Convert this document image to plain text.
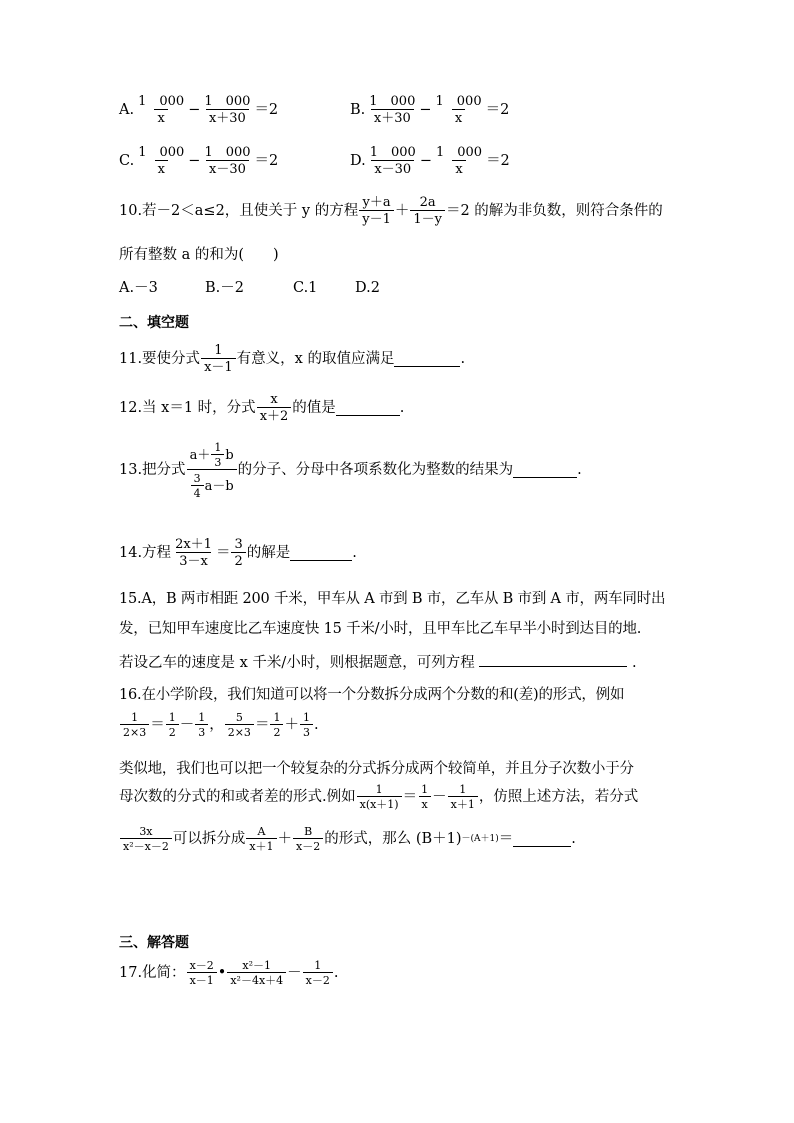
A. $\frac{1 000}{x} - \frac{1 000}{x+30} =2$	B. $\frac{1 000}{x+30} - \frac{1 000}{x} =2$
C. $\frac{1 000}{x} - \frac{1 000}{x-30} =2$	D. $\frac{1 000}{x-30} - \frac{1 000}{x} =2$
10.若－2＜a≤2，且使关于 y 的方程 $\frac{y+a}{y-1} + \frac{2a}{1-y} =2$ 的解为非负数，则符合条件的
所有整数 a 的和为(　　)
A.－3	B.－2	C.1	D.2
二、填空题
11.要使分式 $\frac{1}{x-1}$ 有意义，x 的取值应满足	.
12.当 x＝1 时，分式 $\frac{x}{x+2}$ 的值是	.
13.把分式 $\frac{a+ \frac{1}{3} b}{\frac{3}{4} a-b}$ 的分子、分母中各项系数化为整数的结果为	.
14.方程 $\frac{2x+1}{3-x} = \frac{3}{2}$ 的解是	.
15.A，B 两市相距 200 千米，甲车从 A 市到 B 市，乙车从 B 市到 A 市，两车同时出
发，已知甲车速度比乙车速度快 15 千米/小时，且甲车比乙车早半小时到达目的地.
若设乙车的速度是 x 千米/小时，则根据题意，可列方程	.
16.在小学阶段，我们知道可以将一个分数拆分成两个分数的和(差)的形式，例如
$\frac{1}{2\times 3} = \frac{1}{2} - \frac{1}{3}$ ， $\frac{5}{2\times 3} = \frac{1}{2} + \frac{1}{3}$ .
类似地，我们也可以把一个较复杂的分式拆分成两个较简单，并且分子次数小于分
母次数的分式的和或者差的形式.例如 $\frac{1}{x(x+1)} = \frac{1}{x} - \frac{1}{x+1}$ ，仿照上述方法，若分式
$\frac{3x}{\text{x²－x－2}}$ 可以拆分成 $\frac{A}{x+1} + \frac{B}{x-2}$ 的形式，那么 (B＋1) －(A＋1) ＝	.
三、解答题
17.化简： $\frac{x-2}{x-1}$ • $\frac{\text{x²－1}}{\text{x²－4x＋4}} - \frac{1}{x-2}$ .
